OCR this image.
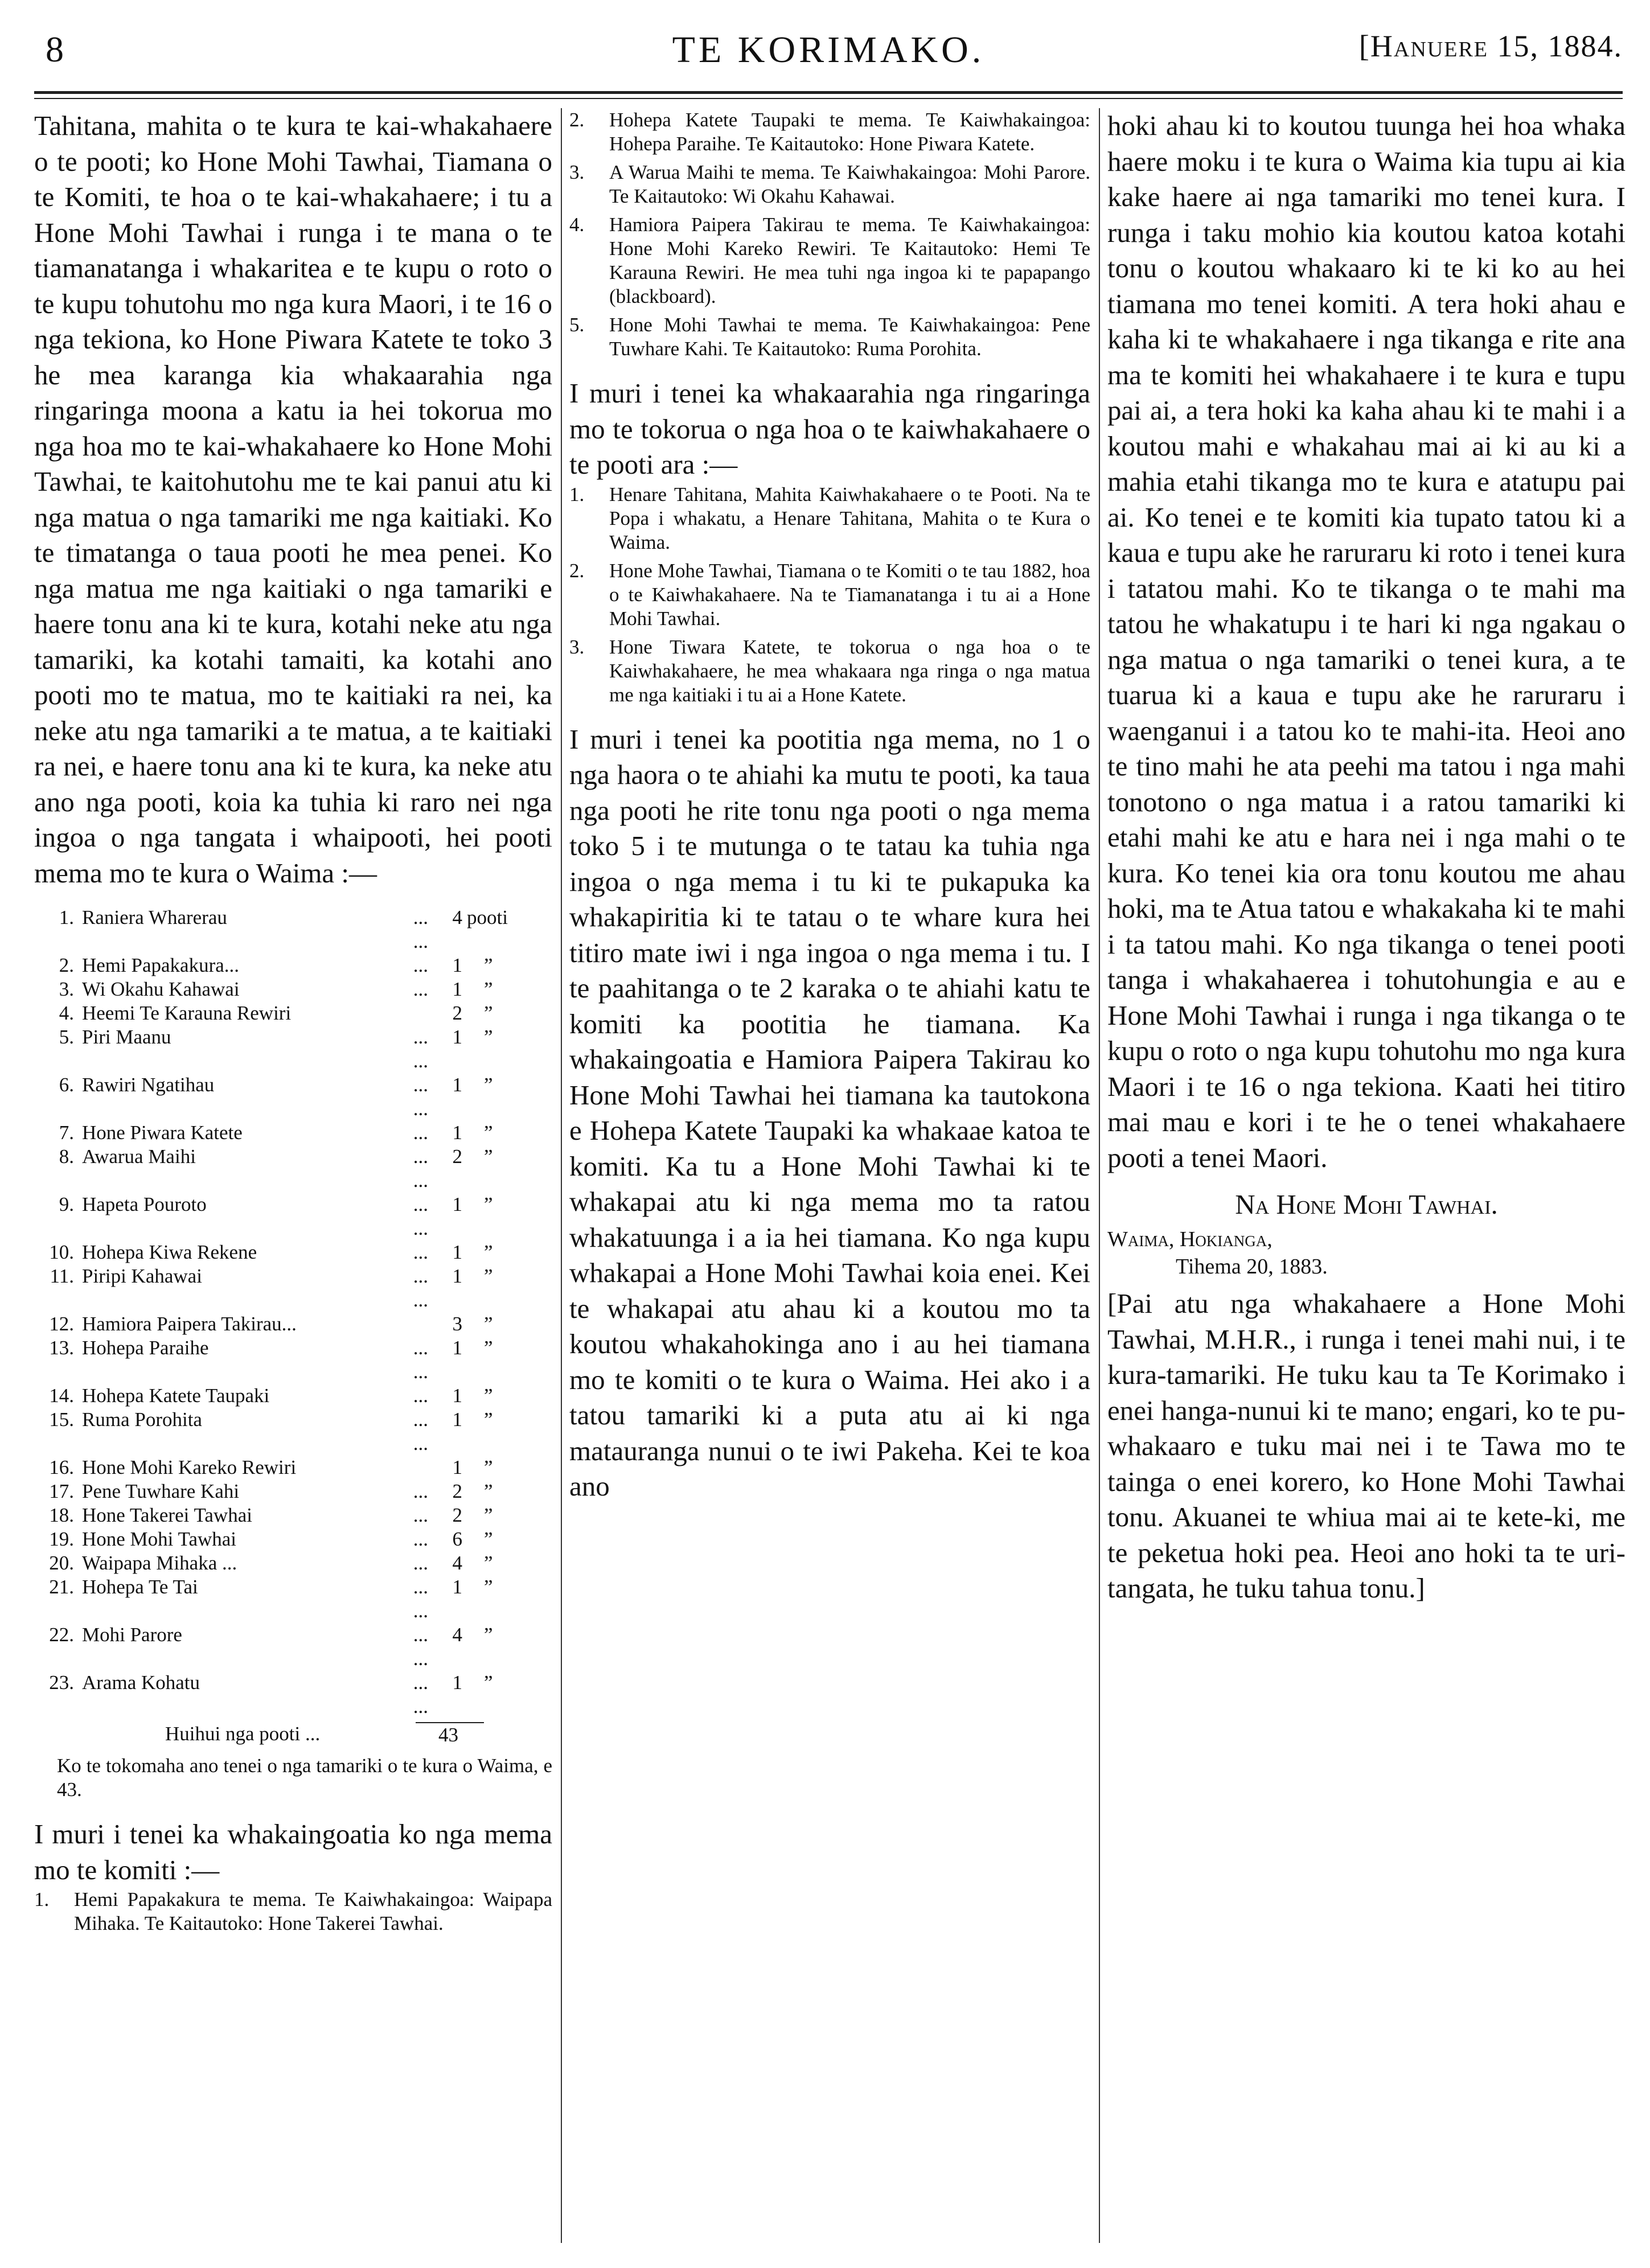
8	TE KORIMAKO.	[Hanuere 15, 1884.

Tahitana, mahita o te kura te kai-whakahaere o te pooti; ko Hone Mohi Tawhai, Tiamana o te Komiti, te hoa o te kai-whakahaere; i tu a Hone Mohi Tawhai i runga i te mana o te tiamanatanga i whakaritea e te kupu o roto o te kupu tohutohu mo nga kura Maori, i te 16 o nga tekiona, ko Hone Piwara Katete te toko 3 he mea karanga kia whakaarahia nga ringaringa moona a katu ia hei tokorua mo nga hoa mo te kai-whakahaere ko Hone Mohi Tawhai, te kaitohutohu me te kai panui atu ki nga matua o nga tamariki me nga kaitiaki. Ko te timatanga o taua pooti he mea penei. Ko nga matua me nga kaitiaki o nga tamariki e haere tonu ana ki te kura, kotahi neke atu nga tamariki, ka kotahi tamaiti, ka kotahi ano pooti mo te matua, mo te kaitiaki ra nei, ka neke atu nga tamariki a te matua, a te kaitiaki ra nei, e haere tonu ana ki te kura, ka neke atu ano nga pooti, koia ka tuhia ki raro nei nga ingoa o nga tangata i whaipooti, hei pooti mema mo te kura o Waima :—

1.	Raniera Wharerau	... ...	4	pooti
2.	Hemi Papakakura...	...	1	”
3.	Wi Okahu Kahawai	...	1	”
4.	Heemi Te Karauna Rewiri		2	”
5.	Piri Maanu	... ...	1	”
6.	Rawiri Ngatihau	... ...	1	”
7.	Hone Piwara Katete	...	1	”
8.	Awarua Maihi	... ...	2	”
9.	Hapeta Pouroto	... ...	1	”
10.	Hohepa Kiwa Rekene	...	1	”
11.	Piripi Kahawai	... ...	1	”
12.	Hamiora Paipera Takirau...		3	”
13.	Hohepa Paraihe	... ...	1	”
14.	Hohepa Katete Taupaki	...	1	”
15.	Ruma Porohita	... ...	1	”
16.	Hone Mohi Kareko Rewiri		1	”
17.	Pene Tuwhare Kahi	...	2	”
18.	Hone Takerei Tawhai	...	2	”
19.	Hone Mohi Tawhai	...	6	”
20.	Waipapa Mihaka ...	...	4	”
21.	Hohepa Te Tai	... ...	1	”
22.	Mohi Parore	... ...	4	”
23.	Arama Kohatu	... ...	1	”
Huihui nga pooti ...	43

Ko te tokomaha ano tenei o nga tamariki o te kura o Waima, e 43.

I muri i tenei ka whakaingoatia ko nga mema mo te komiti :—

1.	Hemi Papakakura te mema. Te Kaiwhakaingoa: Waipapa Mihaka. Te Kaitautoko: Hone Takerei Tawhai.
2.	Hohepa Katete Taupaki te mema. Te Kaiwhakaingoa: Hohepa Paraihe. Te Kaitautoko: Hone Piwara Katete.
3.	A Warua Maihi te mema. Te Kaiwhakaingoa: Mohi Parore. Te Kaitautoko: Wi Okahu Kahawai.
4.	Hamiora Paipera Takirau te mema. Te Kaiwhakaingoa: Hone Mohi Kareko Rewiri. Te Kaitautoko: Hemi Te Karauna Rewiri. He mea tuhi nga ingoa ki te papapango (blackboard).
5.	Hone Mohi Tawhai te mema. Te Kaiwhakaingoa: Pene Tuwhare Kahi. Te Kaitautoko: Ruma Porohita.

I muri i tenei ka whakaarahia nga ringaringa mo te tokorua o nga hoa o te kaiwhakahaere o te pooti ara :—

1.	Henare Tahitana, Mahita Kaiwhakahaere o te Pooti. Na te Popa i whakatu, a Henare Tahitana, Mahita o te Kura o Waima.
2.	Hone Mohe Tawhai, Tiamana o te Komiti o te tau 1882, hoa o te Kaiwhakahaere. Na te Tiamanatanga i tu ai a Hone Mohi Tawhai.
3.	Hone Tiwara Katete, te tokorua o nga hoa o te Kaiwhakahaere, he mea whakaara nga ringa o nga matua me nga kaitiaki i tu ai a Hone Katete.

I muri i tenei ka pootitia nga mema, no 1 o nga haora o te ahiahi ka mutu te pooti, ka taua nga pooti he rite tonu nga pooti o nga mema toko 5 i te mutunga o te tatau ka tuhia nga ingoa o nga mema i tu ki te pukapuka ka whakapiritia ki te tatau o te whare kura hei titiro mate iwi i nga ingoa o nga mema i tu. I te paahitanga o te 2 karaka o te ahiahi katu te komiti ka pootitia he tiamana. Ka whakaingoatia e Hamiora Paipera Takirau ko Hone Mohi Tawhai hei tiamana ka tautokona e Hohepa Katete Taupaki ka whakaae katoa te komiti. Ka tu a Hone Mohi Tawhai ki te whakapai atu ki nga mema mo ta ratou whakatuunga i a ia hei tiamana. Ko nga kupu whakapai a Hone Mohi Tawhai koia enei. Kei te whakapai atu ahau ki a koutou mo ta koutou whakahokinga ano i au hei tiamana mo te komiti o te kura o Waima. Hei ako i a tatou tamariki ki a puta atu ai ki nga matauranga nunui o te iwi Pakeha. Kei te koa ano

hoki ahau ki to koutou tuunga hei hoa whaka haere moku i te kura o Waima kia tupu ai kia kake haere ai nga tamariki mo tenei kura. I runga i taku mohio kia koutou katoa kotahi tonu o koutou whakaaro ki te ki ko au hei tiamana mo tenei komiti. A tera hoki ahau e kaha ki te whakahaere i nga tikanga e rite ana ma te komiti hei whakahaere i te kura e tupu pai ai, a tera hoki ka kaha ahau ki te mahi i a koutou mahi e whakahau mai ai ki au ki a mahia etahi tikanga mo te kura e atatupu pai ai. Ko tenei e te komiti kia tupato tatou ki a kaua e tupu ake he raruraru ki roto i tenei kura i tatatou mahi. Ko te tikanga o te mahi ma tatou he whakatupu i te hari ki nga ngakau o nga matua o nga tamariki o tenei kura, a te tuarua ki a kaua e tupu ake he raruraru i waenganui i a tatou ko te mahi-ita. Heoi ano te tino mahi he ata peehi ma tatou i nga mahi tonotono o nga matua i a ratou tamariki ki etahi mahi ke atu e hara nei i nga mahi o te kura. Ko tenei kia ora tonu koutou me ahau hoki, ma te Atua tatou e whakakaha ki te mahi i ta tatou mahi. Ko nga tikanga o tenei pooti tanga i whakahaerea i tohutohungia e au e Hone Mohi Tawhai i runga i nga tikanga o te kupu o roto o nga kupu tohutohu mo nga kura Maori i te 16 o nga tekiona. Kaati hei titiro mai mau e kori i te he o tenei whakahaere pooti a tenei Maori.

Na Hone Mohi Tawhai.

Waima, Hokianga,

Tihema 20, 1883.

[Pai atu nga whakahaere a Hone Mohi Tawhai, M.H.R., i runga i tenei mahi nui, i te kura-tamariki. He tuku kau ta Te Korimako i enei hanga-nunui ki te mano; engari, ko te pu-whakaaro e tuku mai nei i te Tawa mo te tainga o enei korero, ko Hone Mohi Tawhai tonu. Akuanei te whiua mai ai te kete-ki, me te peketua hoki pea. Heoi ano hoki ta te uri-tangata, he tuku tahua tonu.]
